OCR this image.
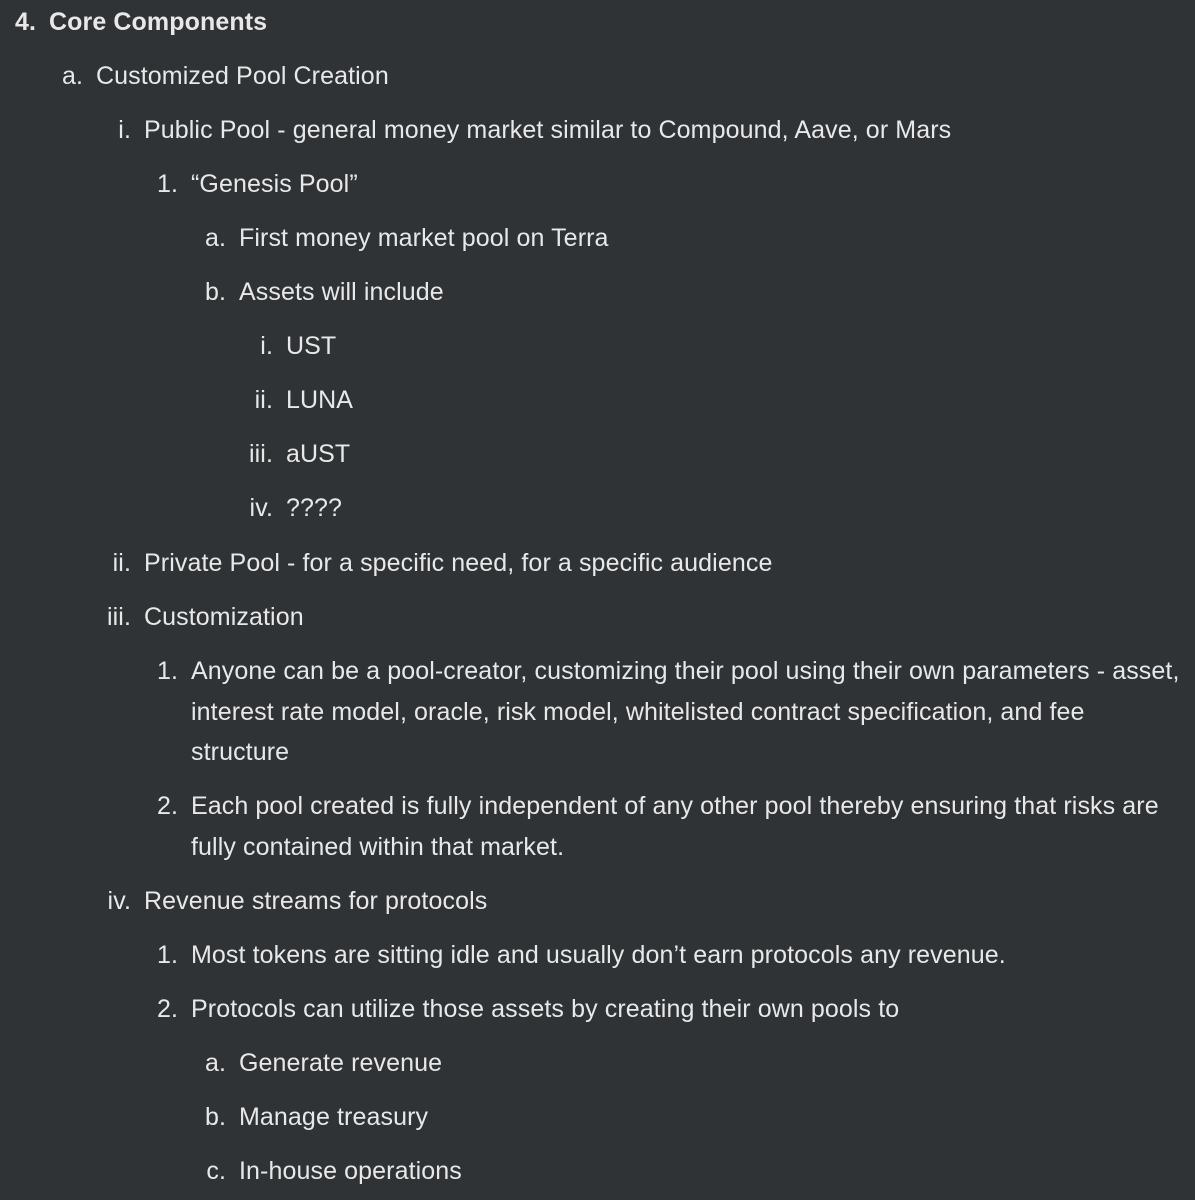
4. Core Components
a. Customized Pool Creation
i. Public Pool - general money market similar to Compound, Aave, or Mars
1. “Genesis Pool”
a. First money market pool on Terra
b. Assets will include
i. UST
ii. LUNA
iii. aUST
iv. ????
ii. Private Pool - for a specific need, for a specific audience
iii. Customization
1. Anyone can be a pool-creator, customizing their pool using their own parameters - asset, interest rate model, oracle, risk model, whitelisted contract specification, and fee structure
2. Each pool created is fully independent of any other pool thereby ensuring that risks are fully contained within that market.
iv. Revenue streams for protocols
1. Most tokens are sitting idle and usually don’t earn protocols any revenue.
2. Protocols can utilize those assets by creating their own pools to
a. Generate revenue
b. Manage treasury
c. In-house operations
